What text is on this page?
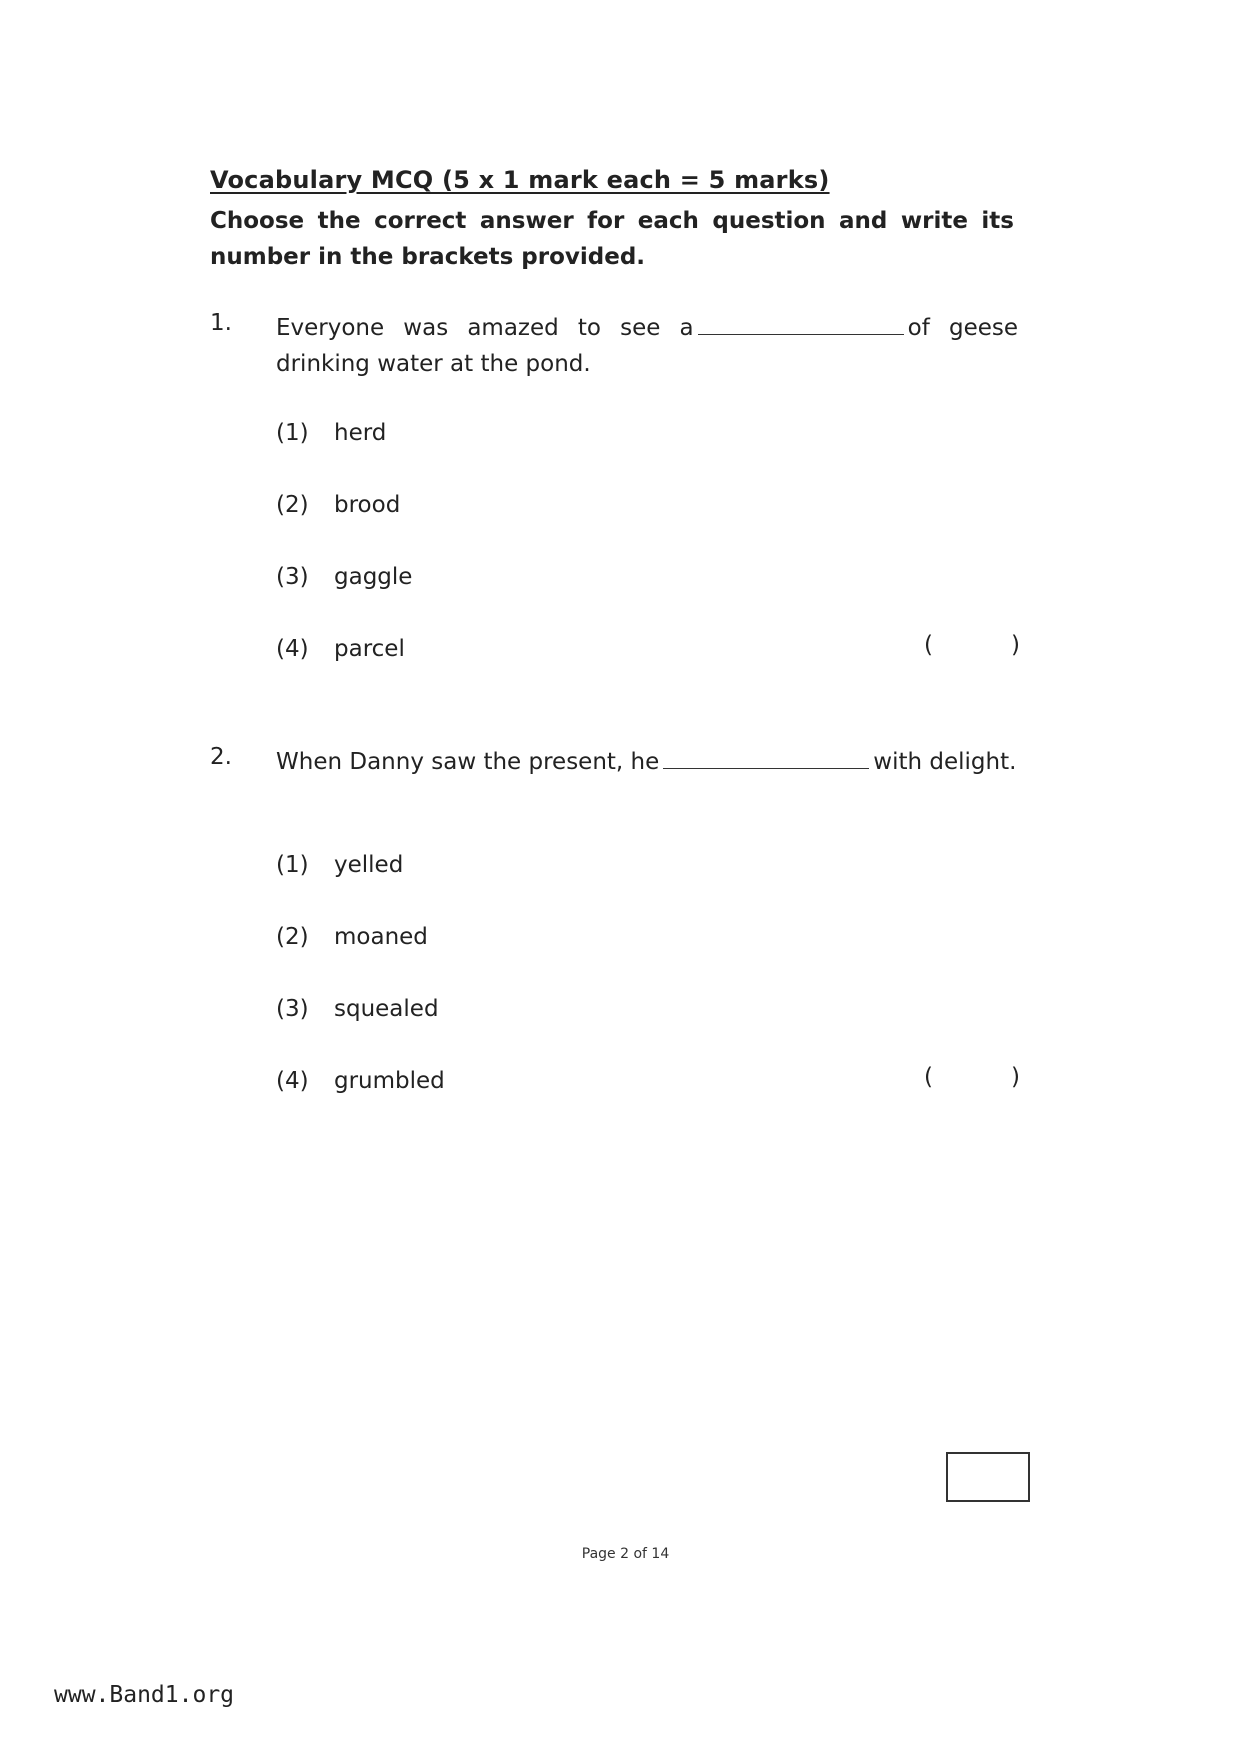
Vocabulary MCQ (5 x 1 mark each = 5 marks)
Choose the correct answer for each question and write its number in the brackets provided.
1. Everyone was amazed to see a	of geese drinking water at the pond.
(1) herd
(2) brood
(3) gaggle
(4) parcel	(	)
2. When Danny saw the present, he	with delight.
(1) yelled
(2) moaned
(3) squealed
(4) grumbled	(	)
Page 2 of 14
www.Band1.org
